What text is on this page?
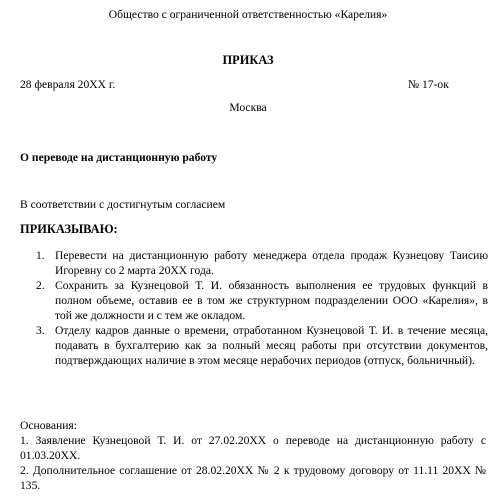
Общество с ограниченной ответственностью «Карелия»
ПРИКАЗ
28 февраля 20XX г.	№ 17-ок
Москва
О переводе на дистанционную работу
В соответствии с достигнутым согласием
ПРИКАЗЫВАЮ:
1. Перевести на дистанционную работу менеджера отдела продаж Кузнецову Таисию Игоревну со 2 марта 20XX года.
2. Сохранить за Кузнецовой Т. И. обязанность выполнения ее трудовых функций в полном объеме, оставив ее в том же структурном подразделении ООО «Карелия», в той же должности и с тем же окладом.
3. Отделу кадров данные о времени, отработанном Кузнецовой Т. И. в течение месяца, подавать в бухгалтерию как за полный месяц работы при отсутствии документов, подтверждающих наличие в этом месяце нерабочих периодов (отпуск, больничный).
Основания:
1. Заявление Кузнецовой Т. И. от 27.02.20XX о переводе на дистанционную работу с 01.03.20XX.
2. Дополнительное соглашение от 28.02.20XX № 2 к трудовому договору от 11.11 20XX № 135.
